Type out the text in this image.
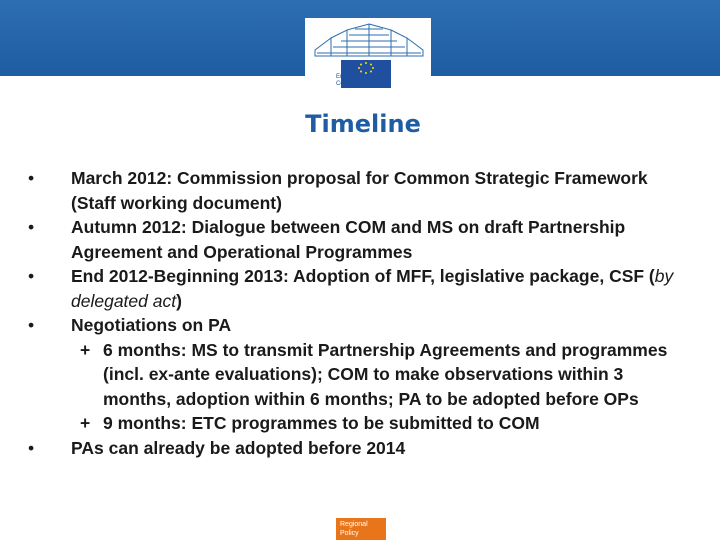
European
Commission
Timeline
• March 2012: Commission proposal for Common Strategic Framework (Staff working document)
• Autumn 2012: Dialogue between COM and MS on draft Partnership Agreement and Operational Programmes
• End 2012-Beginning 2013: Adoption of MFF, legislative package, CSF (by delegated act)
• Negotiations on PA
+ 6 months: MS to transmit Partnership Agreements and programmes (incl. ex-ante evaluations); COM to make observations within 3 months, adoption within 6 months; PA to be adopted before OPs
+ 9 months: ETC programmes to be submitted to COM
• PAs can already be adopted before 2014
Regional
Policy
